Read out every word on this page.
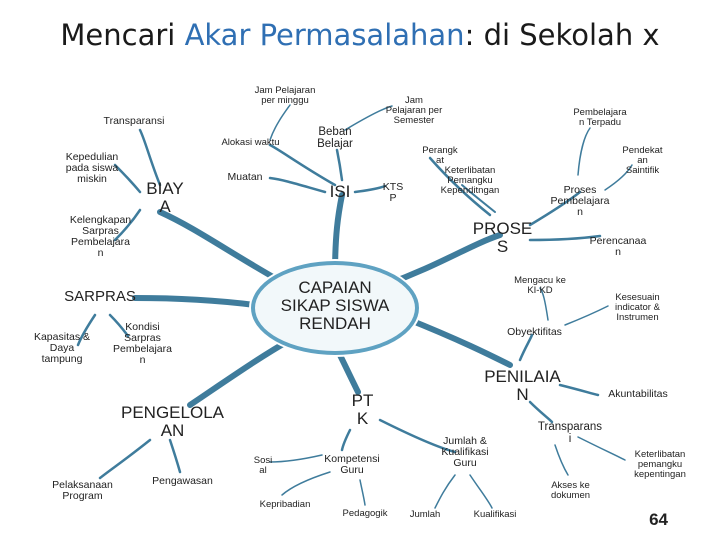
Mencari Akar Permasalahan: di Sekolah x
CAPAIAN
SIKAP SISWA
RENDAH
Transparansi
Kepedulian
pada siswa
miskin	BIAY
A
Kelengkapan
Sarpras
Pembelajara
n
Jam Pelajaran
per minggu
Alokasi waktu
Beban
Belajar
Jam
Pelajaran per
Semester
Muatan
ISI	KTS
P
Perangk
at
Keterlibatan
Pemangku
Kependitngan
Pembelajara
n Terpadu
Pendekat
an
Saintifik
Proses
Pembelajara
n
PROSE
S	Perencanaa
n
Mengacu ke
KI-KD
Kesesuain
indicator &
Instrumen
Obyektifitas
PENILAIA
N	Akuntabilitas
Transparans
i
Akses ke
dokumen
Keterlibatan
pemangku
kepentingan
SARPRAS
Kapasitas &
Daya
tampung
Kondisi
Sarpras
Pembelajara
n
PENGELOLA
AN
Pelaksanaan
Program
Pengawasan
PT
K
Sosi
al
Kepribadian
Kompetensi
Guru
Pedagogik
Jumlah &
Kualifikasi
Guru
Jumlah	Kualifikasi	64
